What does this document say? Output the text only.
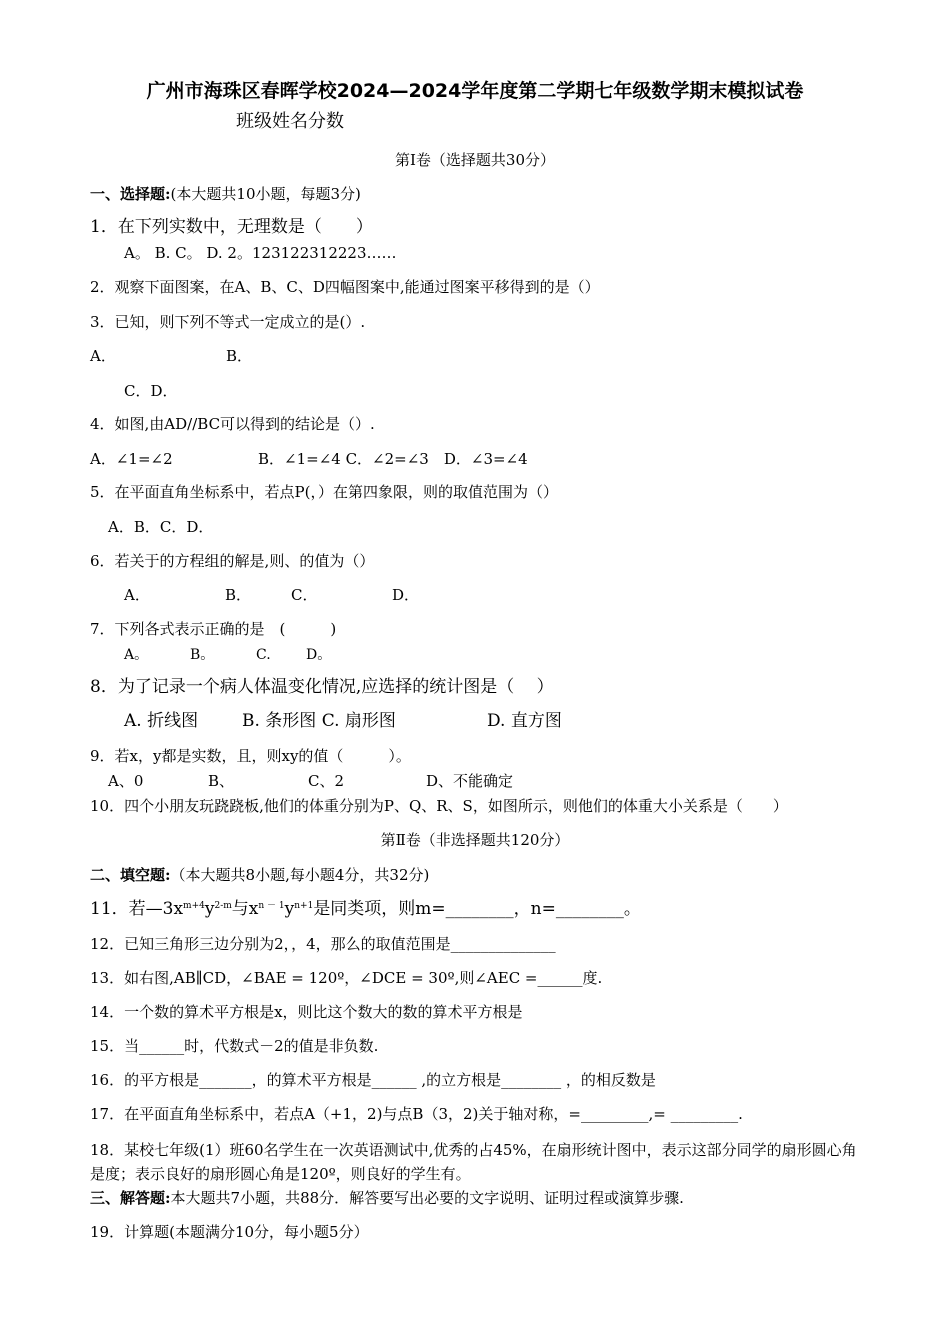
广州市海珠区春晖学校2024—2024学年度第二学期七年级数学期末模拟试卷
班级姓名分数
第Ⅰ卷（选择题共30分）
一、选择题:(本大题共10小题，每题3分)
1．在下列实数中，无理数是（　　）
A。 B. C。 D. 2。123122312223……
2．观察下面图案，在A、B、C、D四幅图案中,能通过图案平移得到的是（）
3．已知，则下列不等式一定成立的是(）.
A．	B．
C．D．
4．如图,由AD//BC可以得到的结论是（）.
A．∠1=∠2	B．∠1=∠4 C．∠2=∠3　D．∠3=∠4
5．在平面直角坐标系中，若点P(，）在第四象限，则的取值范围为（）
A．B．C．D．
6．若关于的方程组的解是,则、的值为（）
A．	B．	C．	D．
7．下列各式表示正确的是　(　　　)
A。	B。	C.	D。
8．为了记录一个病人体温变化情况,应选择的统计图是（　 ）
A. 折线图	B. 条形图 C. 扇形图	D. 直方图
9．若x，y都是实数，且，则xy的值（　　　）。
A、0	B、	C、2	D、不能确定
10．四个小朋友玩跷跷板,他们的体重分别为P、Q、R、S，如图所示，则他们的体重大小关系是（　　）
第Ⅱ卷（非选择题共120分）
二、填空题:（本大题共8小题,每小题4分，共32分)
11．若$—3x^{m+4}y^{2-m}$与$x^{n - 1}y^{n+1}$是同类项，则m=________，n=________。
12．已知三角形三边分别为2，，4，那么的取值范围是______________
13．如右图,AB∥CD，∠BAE = 120º，∠DCE = 30º,则∠AEC =______度.
14．一个数的算术平方根是x，则比这个数大的数的算术平方根是
15．当______时，代数式－2的值是非负数.
16．的平方根是_______，的算术平方根是______ ,的立方根是________ ，的相反数是
17．在平面直角坐标系中，若点A（+1，2)与点B（3，2)关于轴对称，=_________,= _________.
18．某校七年级(1）班60名学生在一次英语测试中,优秀的占45%，在扇形统计图中，表示这部分同学的扇形圆心角是度；表示良好的扇形圆心角是120º，则良好的学生有。
三、解答题:本大题共7小题，共88分．解答要写出必要的文字说明、证明过程或演算步骤.
19．计算题(本题满分10分，每小题5分）
